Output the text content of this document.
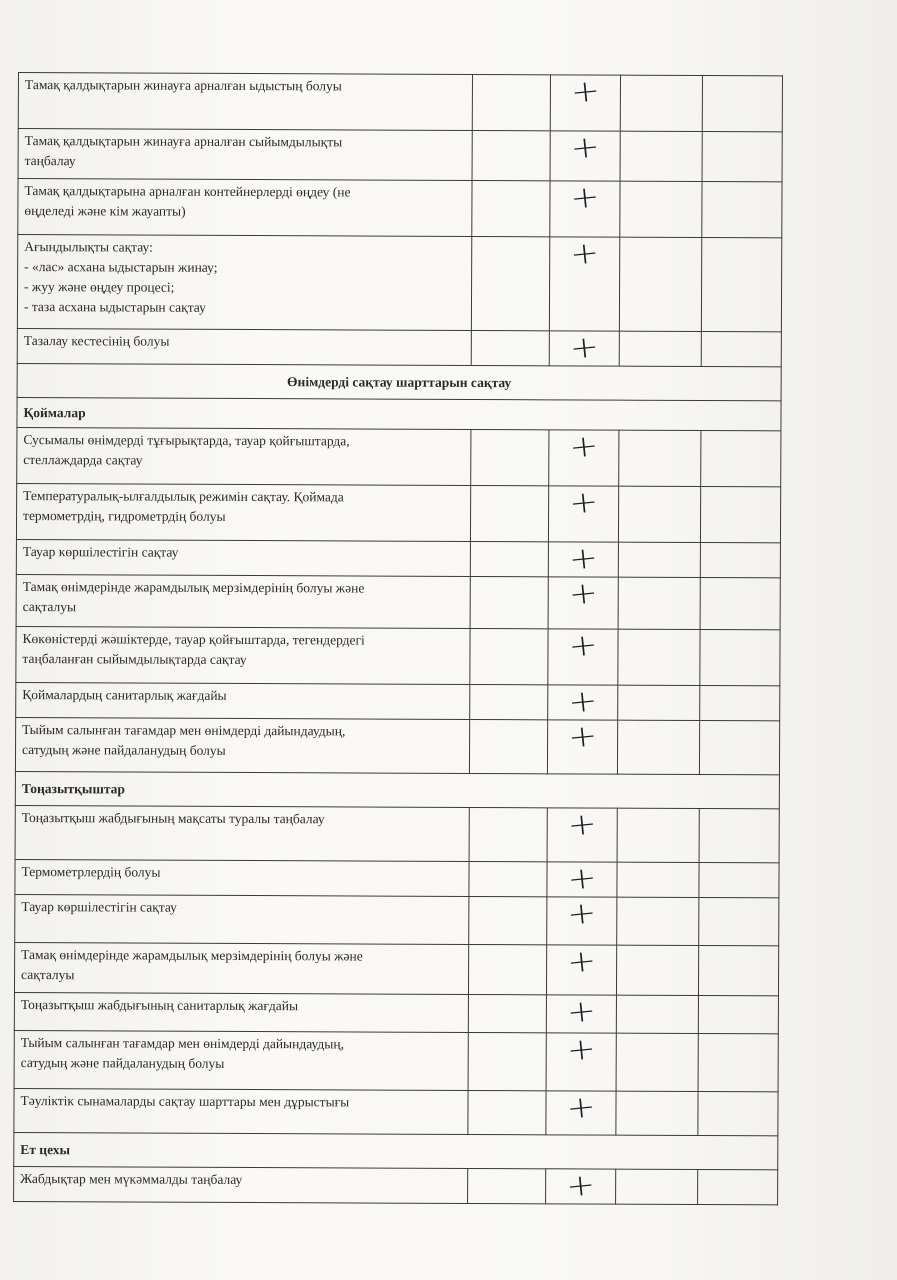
Тамақ қалдықтарын жинауға арналған ыдыстың болуы		+		

Тамақ қалдықтарын жинауға арналған сыйымдылықты
таңбалау		+		

Тамақ қалдықтарына арналған контейнерлерді өңдеу (не
өңделеді және кім жауапты)		+		

Ағындылықты сақтау:
- «лас» асхана ыдыстарын жинау;
- жуу және өңдеу процесі;
- таза асхана ыдыстарын сақтау		+		

Тазалау кестесінің болуы		+		
Өнімдерді сақтау шарттарын сақтау				
Қоймалар				

Сусымалы өнімдерді тұғырықтарда, тауар қойғыштарда,
стеллаждарда сақтау		+		

Температуралық-ылғалдылық режимін сақтау. Қоймада
термометрдің, гидрометрдің болуы		+		

Тауар көршілестігін сақтау		+		

Тамақ өнімдерінде жарамдылық мерзімдерінің болуы және
сақталуы		+		

Көкөністерді жәшіктерде, тауар қойғыштарда, тегендердегі
таңбаланған сыйымдылықтарда сақтау		+		

Қоймалардың санитарлық жағдайы		+		

Тыйым салынған тағамдар мен өнімдерді дайындаудың,
сатудың және пайдаланудың болуы		+		
Тоңазытқыштар				

Тоңазытқыш жабдығының мақсаты туралы таңбалау		+		

Термометрлердің болуы		+		

Тауар көршілестігін сақтау		+		

Тамақ өнімдерінде жарамдылық мерзімдерінің болуы және
сақталуы		+		

Тоңазытқыш жабдығының санитарлық жағдайы		+		

Тыйым салынған тағамдар мен өнімдерді дайындаудың,
сатудың және пайдаланудың болуы		+		

Тәуліктік сынамаларды сақтау шарттары мен дұрыстығы		+		
Ет цехы				

Жабдықтар мен мүкәммалды таңбалау		+		
